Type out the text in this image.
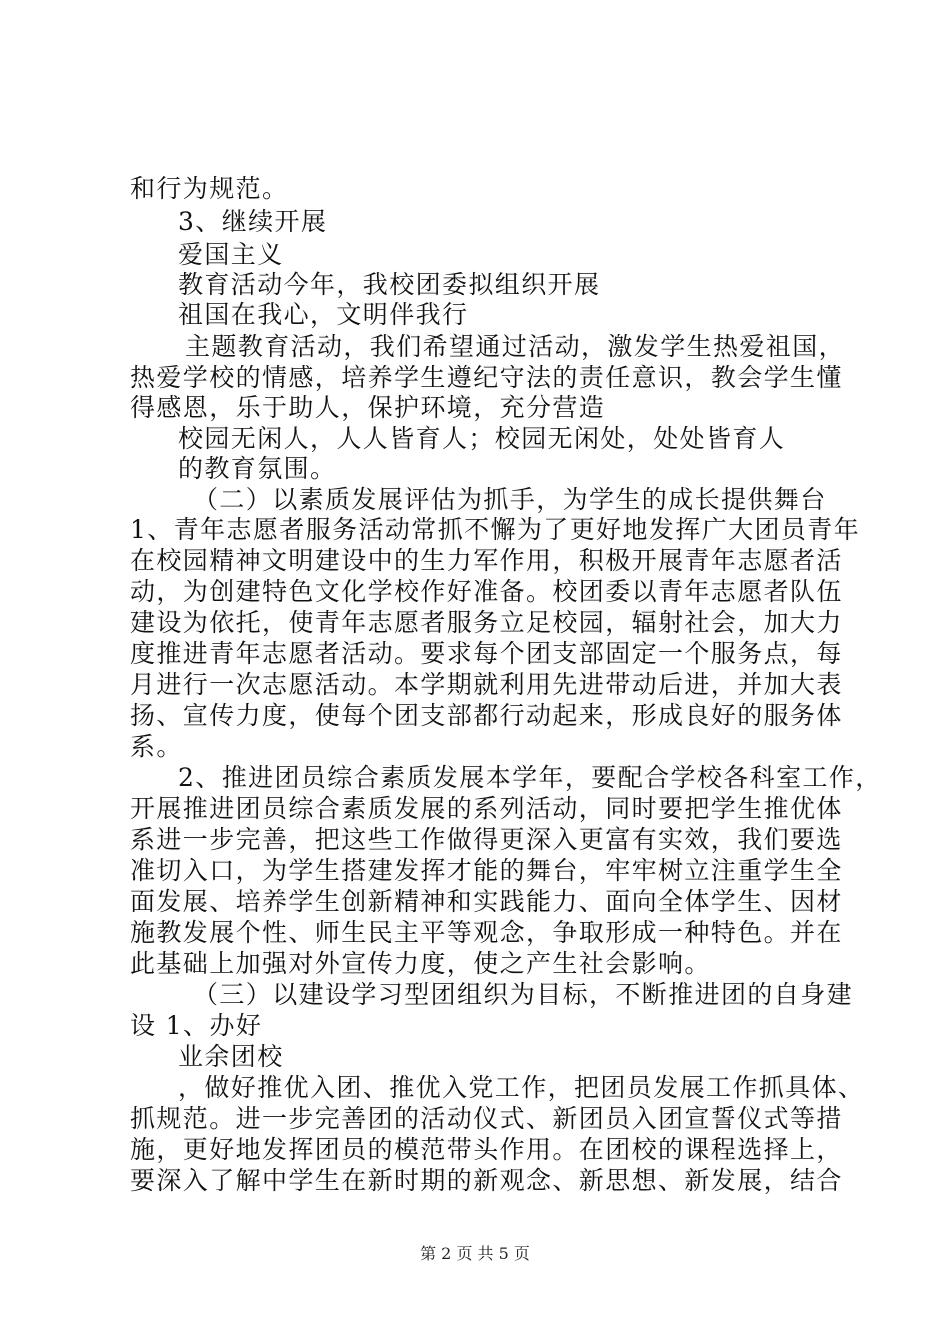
和行为规范。
3、继续开展
爱国主义
教育活动今年，我校团委拟组织开展
祖国在我心，文明伴我行
主题教育活动，我们希望通过活动，激发学生热爱祖国，
热爱学校的情感，培养学生遵纪守法的责任意识，教会学生懂
得感恩，乐于助人，保护环境，充分营造
校园无闲人，人人皆育人；校园无闲处，处处皆育人
的教育氛围。
（二）以素质发展评估为抓手，为学生的成长提供舞台
1、青年志愿者服务活动常抓不懈为了更好地发挥广大团员青年
在校园精神文明建设中的生力军作用，积极开展青年志愿者活
动，为创建特色文化学校作好准备。校团委以青年志愿者队伍
建设为依托，使青年志愿者服务立足校园，辐射社会，加大力
度推进青年志愿者活动。要求每个团支部固定一个服务点，每
月进行一次志愿活动。本学期就利用先进带动后进，并加大表
扬、宣传力度，使每个团支部都行动起来，形成良好的服务体
系。
2、推进团员综合素质发展本学年，要配合学校各科室工作，
开展推进团员综合素质发展的系列活动，同时要把学生推优体
系进一步完善，把这些工作做得更深入更富有实效，我们要选
准切入口，为学生搭建发挥才能的舞台，牢牢树立注重学生全
面发展、培养学生创新精神和实践能力、面向全体学生、因材
施教发展个性、师生民主平等观念，争取形成一种特色。并在
此基础上加强对外宣传力度，使之产生社会影响。
（三）以建设学习型团组织为目标，不断推进团的自身建
设 1、办好
业余团校
，做好推优入团、推优入党工作，把团员发展工作抓具体、
抓规范。进一步完善团的活动仪式、新团员入团宣誓仪式等措
施，更好地发挥团员的模范带头作用。在团校的课程选择上，
要深入了解中学生在新时期的新观念、新思想、新发展，结合
第 2 页 共 5 页
